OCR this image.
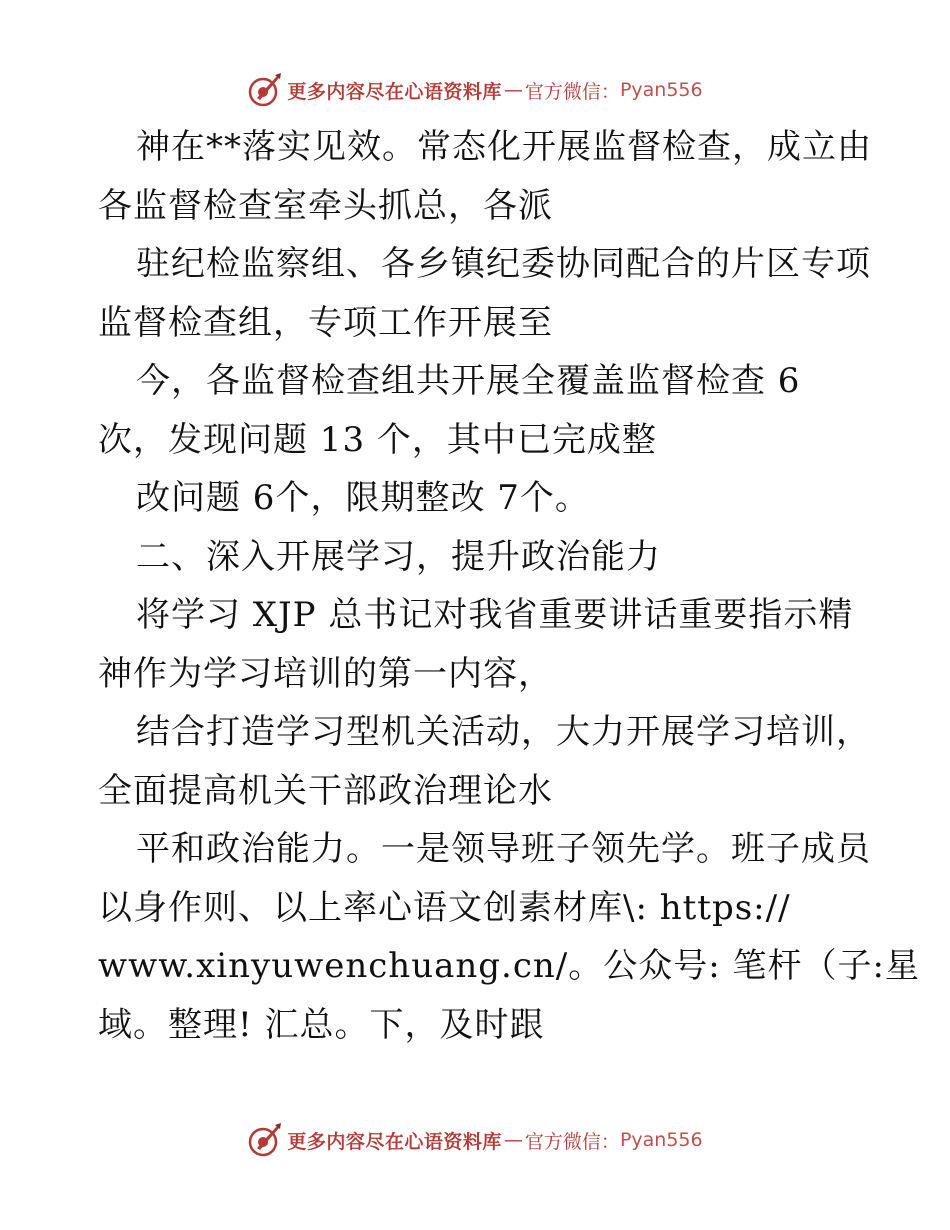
更多内容尽在心语资料库 — 官方微信： Pyan556
神在**落实见效。常态化开展监督检查，成立由
各监督检查室牵头抓总，各派
驻纪检监察组、各乡镇纪委协同配合的片区专项
监督检查组，专项工作开展至
今，各监督检查组共开展全覆盖监督检查 6
次，发现问题 13 个，其中已完成整
改问题 6个，限期整改 7个。
二、深入开展学习，提升政治能力
将学习 XJP 总书记对我省重要讲话重要指示精
神作为学习培训的第一内容，
结合打造学习型机关活动，大力开展学习培训，
全面提高机关干部政治理论水
平和政治能力。一是领导班子领先学。班子成员
以身作则、以上率心语文创素材库\: https://
www.xinyuwenchuang.cn/。公众号: 笔杆（子:星
域。整理! 汇总。下，及时跟
更多内容尽在心语资料库 — 官方微信： Pyan556
